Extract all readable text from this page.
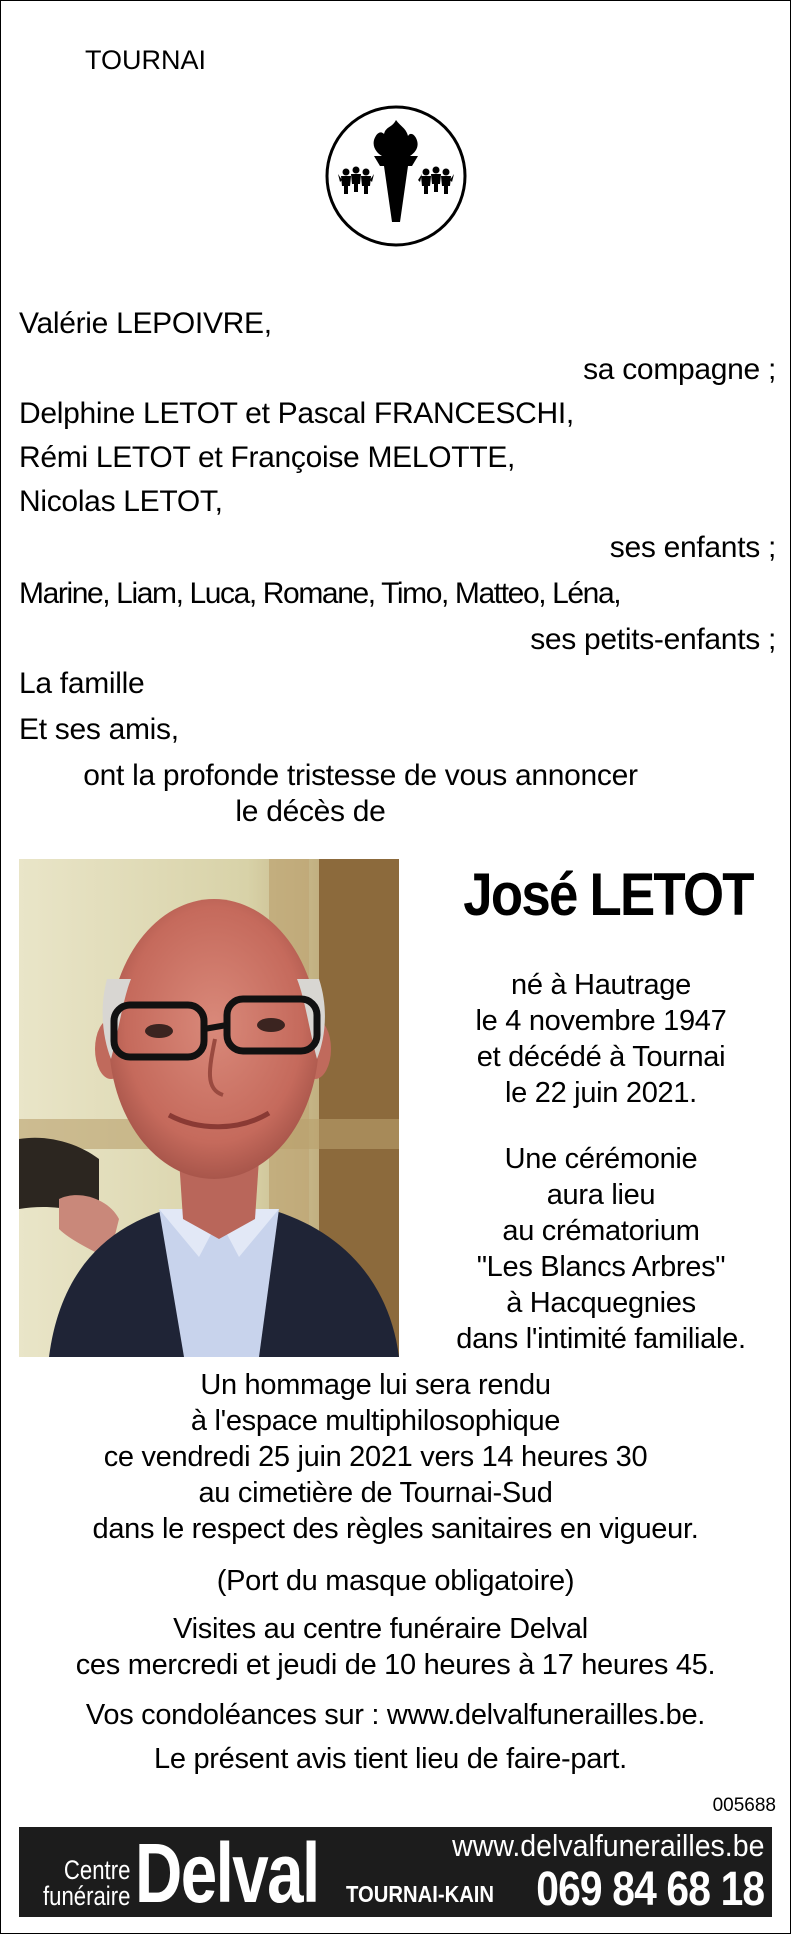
TOURNAI
Valérie LEPOIVRE,
sa compagne ;
Delphine LETOT et Pascal FRANCESCHI,
Rémi LETOT et Françoise MELOTTE,
Nicolas LETOT,
ses enfants ;
Marine, Liam, Luca, Romane, Timo, Matteo, Léna,
ses petits-enfants ;
La famille
Et ses amis,
ont la profonde tristesse de vous annoncer
le décès de
José LETOT
né à Hautrage
le 4 novembre 1947
et décédé à Tournai
le 22 juin 2021.
Une cérémonie
aura lieu
au crématorium
"Les Blancs Arbres"
à Hacquegnies
dans l'intimité familiale.
Un hommage lui sera rendu
à l'espace multiphilosophique
ce vendredi 25 juin 2021 vers 14 heures 30
au cimetière de Tournai-Sud
dans le respect des règles sanitaires en vigueur.
(Port du masque obligatoire)
Visites au centre funéraire Delval
ces mercredi et jeudi de 10 heures à 17 heures 45.
Vos condoléances sur : www.delvalfunerailles.be.
Le présent avis tient lieu de faire-part.
005688
Centre
funéraire Delval	www.delvalfunerailles.be
TOURNAI-KAIN 069 84 68 18
